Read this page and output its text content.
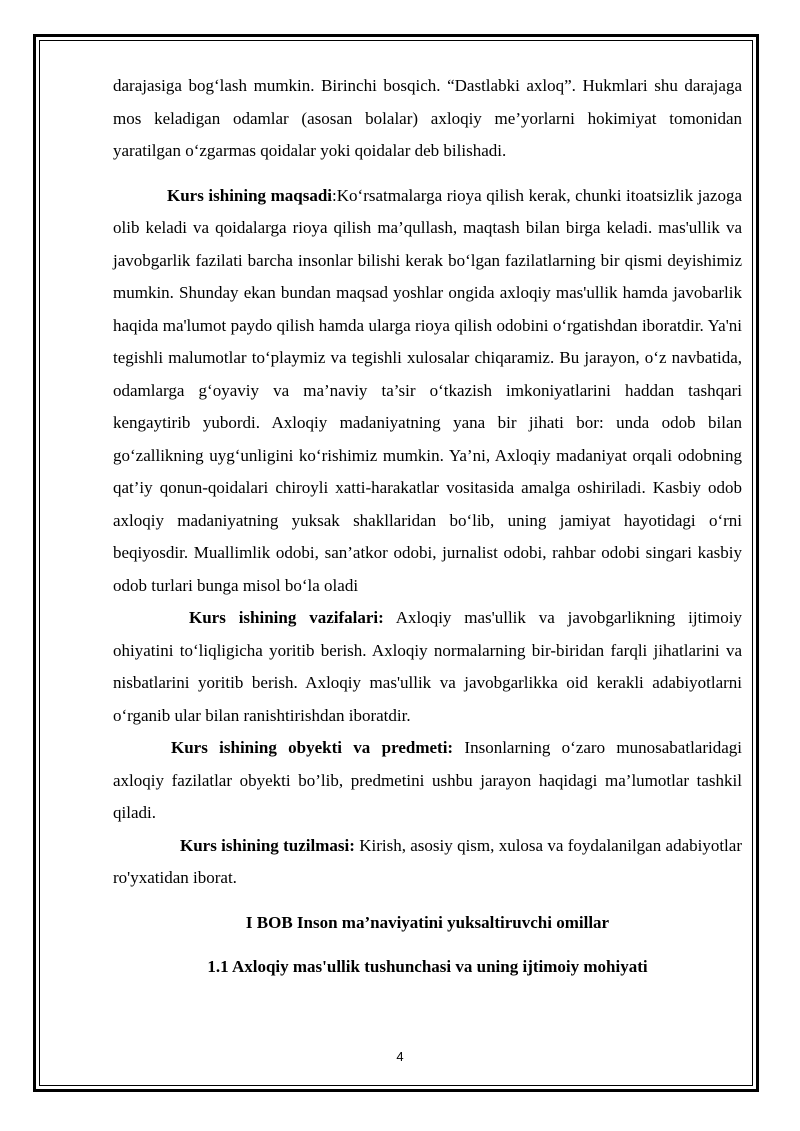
darajasiga bog‘lash mumkin. Birinchi bosqich. “Dastlabki axloq”. Hukmlari shu darajaga mos keladigan odamlar (asosan bolalar) axloqiy me’yorlarni hokimiyat tomonidan yaratilgan o‘zgarmas qoidalar yoki qoidalar deb bilishadi.

Kurs ishining maqsadi:Ko‘rsatmalarga rioya qilish kerak, chunki itoatsizlik jazoga olib keladi va qoidalarga rioya qilish ma’qullash, maqtash bilan birga keladi. mas'ullik va javobgarlik fazilati barcha insonlar bilishi kerak bo‘lgan fazilatlarning bir qismi deyishimiz mumkin. Shunday ekan bundan maqsad yoshlar ongida axloqiy mas'ullik hamda javobarlik haqida ma'lumot paydo qilish hamda ularga rioya qilish odobini o‘rgatishdan iboratdir. Ya'ni tegishli malumotlar to‘playmiz va tegishli xulosalar chiqaramiz. Bu jarayon, o‘z navbatida, odamlarga g‘oyaviy va ma’naviy ta’sir o‘tkazish imkoniyatlarini haddan tashqari kengaytirib yubordi. Axloqiy madaniyatning yana bir jihati bor: unda odob bilan go‘zallikning uyg‘unligini ko‘rishimiz mumkin. Ya’ni, Axloqiy madaniyat orqali odobning qat’iy qonun-qoidalari chiroyli xatti-harakatlar vositasida amalga oshiriladi. Kasbiy odob axloqiy madaniyatning yuksak shakllaridan bo‘lib, uning jamiyat hayotidagi o‘rni beqiyosdir. Muallimlik odobi, san’atkor odobi, jurnalist odobi, rahbar odobi singari kasbiy odob turlari bunga misol bo‘la oladi

Kurs ishining vazifalari: Axloqiy mas'ullik va javobgarlikning ijtimoiy ohiyatini to‘liqligicha yoritib berish. Axloqiy normalarning bir-biridan farqli jihatlarini va nisbatlarini yoritib berish. Axloqiy mas'ullik va javobgarlikka oid kerakli adabiyotlarni o‘rganib ular bilan ranishtirishdan iboratdir.

Kurs ishining obyekti va predmeti: Insonlarning o‘zaro munosabatlaridagi axloqiy fazilatlar obyekti bo’lib, predmetini ushbu jarayon haqidagi ma’lumotlar tashkil qiladi.

Kurs ishining tuzilmasi: Kirish, asosiy qism, xulosa va foydalanilgan adabiyotlar ro'yxatidan iborat.

I BOB Inson ma’naviyatini yuksaltiruvchi omillar

1.1 Axloqiy mas'ullik tushunchasi va uning ijtimoiy mohiyati

4
